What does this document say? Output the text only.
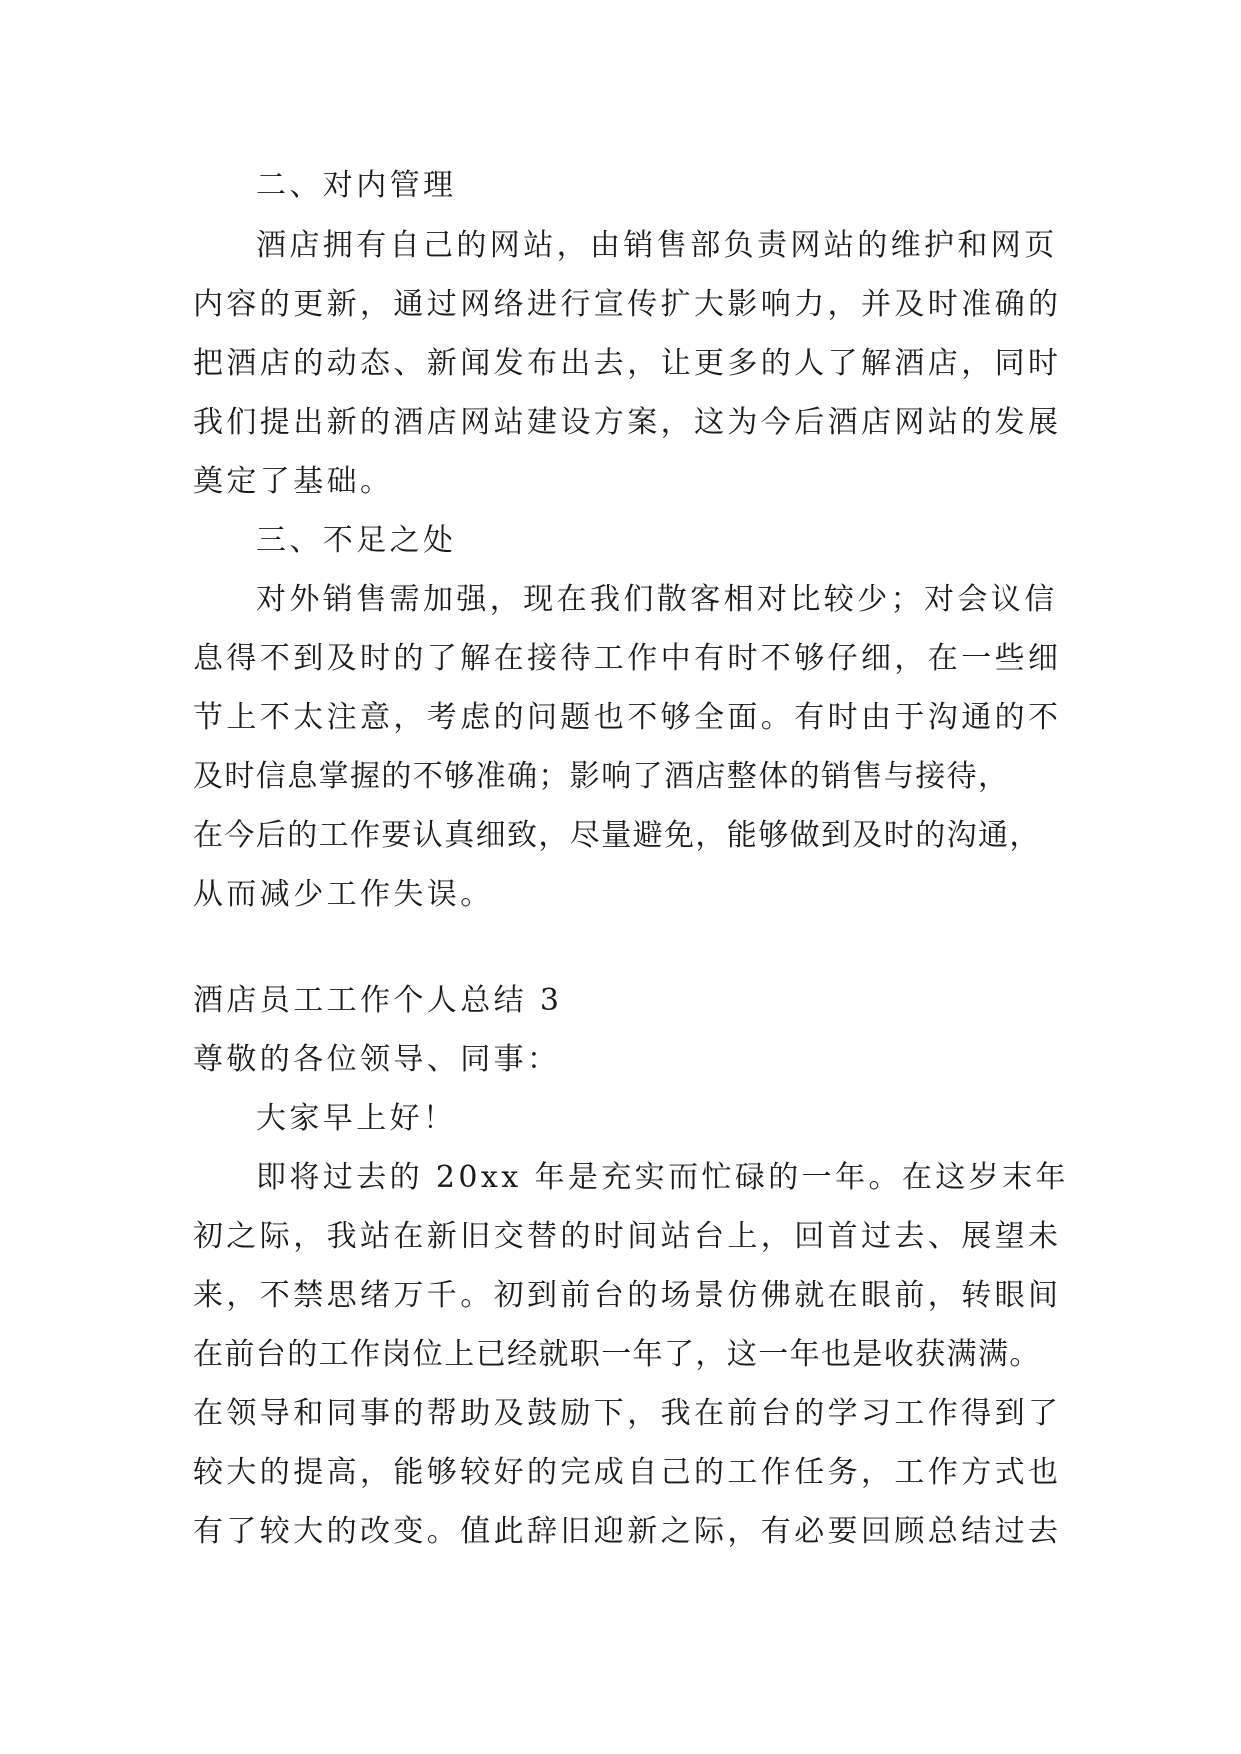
二、对内管理
酒店拥有自己的网站，由销售部负责网站的维护和网页
内容的更新，通过网络进行宣传扩大影响力，并及时准确的
把酒店的动态、新闻发布出去，让更多的人了解酒店，同时
我们提出新的酒店网站建设方案，这为今后酒店网站的发展
奠定了基础。
三、不足之处
对外销售需加强，现在我们散客相对比较少；对会议信
息得不到及时的了解在接待工作中有时不够仔细，在一些细
节上不太注意，考虑的问题也不够全面。有时由于沟通的不
及时信息掌握的不够准确；影响了酒店整体的销售与接待，
在今后的工作要认真细致，尽量避免，能够做到及时的沟通，
从而减少工作失误。
酒店员工工作个人总结 3
尊敬的各位领导、同事：
大家早上好！
即将过去的 20xx 年是充实而忙碌的一年。在这岁末年
初之际，我站在新旧交替的时间站台上，回首过去、展望未
来，不禁思绪万千。初到前台的场景仿佛就在眼前，转眼间
在前台的工作岗位上已经就职一年了，这一年也是收获满满。
在领导和同事的帮助及鼓励下，我在前台的学习工作得到了
较大的提高，能够较好的完成自己的工作任务，工作方式也
有了较大的改变。值此辞旧迎新之际，有必要回顾总结过去
